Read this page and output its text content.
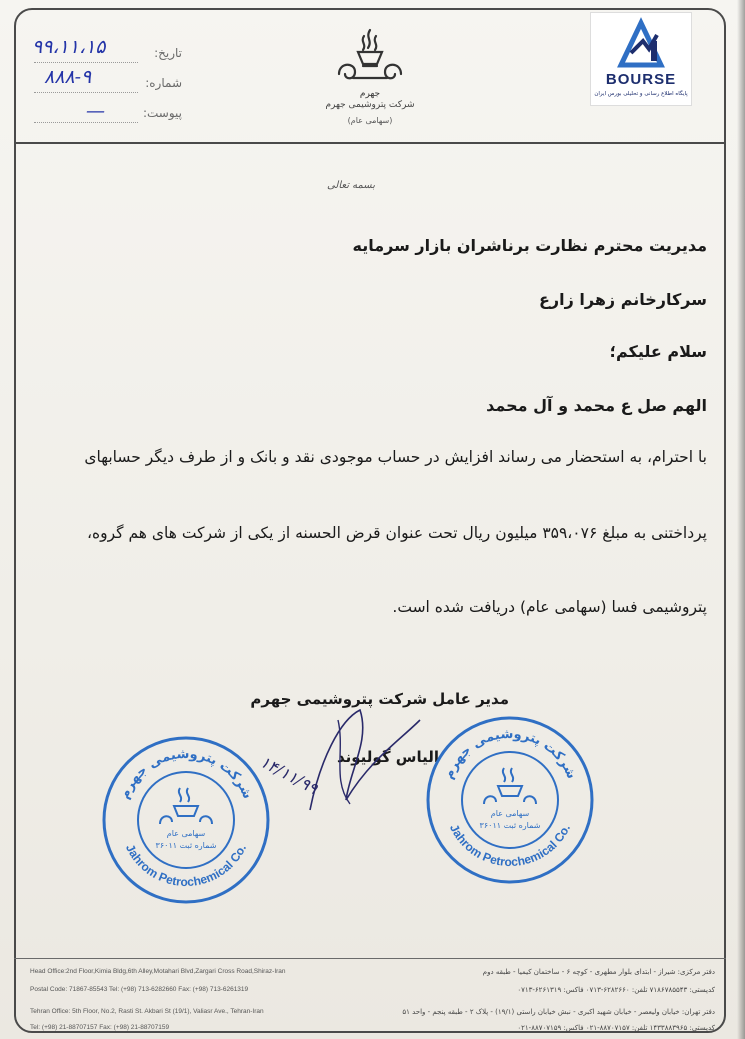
تاریخ:
شماره:
پیوست:
۹۹،۱۱،۱۵
۸۸۸-۹
—
جهرم
شرکت پتروشیمی جهرم
(سهامی عام)
BOURSE
پایگاه اطلاع رسانی و تحلیلی بورس ایران
بسمه تعالی
مدیریت محترم نظارت برناشران بازار سرمایه
سرکارخانم زهرا زارع
سلام علیکم؛
الهم صل ع محمد و آل محمد
با احترام، به استحضار می رساند افزایش در حساب موجودی نقد و بانک و از طرف دیگر حسابهای
پرداختنی به مبلغ ۳۵۹،۰۷۶ میلیون ریال تحت عنوان قرض الحسنه از یکی از شرکت های هم گروه،
پتروشیمی فسا (سهامی عام) دریافت شده است.
مدیر عامل شرکت پتروشیمی جهرم
الیاس گولیوند
۱۴/۱۱/۹۹
شرکت پتروشیمی جهرم
Jahrom Petrochemical Co.
سهامی عام
شماره ثبت ۳۶۰۱۱
شرکت پتروشیمی جهرم
Jahrom Petrochemical Co.
سهامی عام
شماره ثبت ۳۶۰۱۱
Head Office:2nd Floor,Kimia Bldg,6th Alley,Motahari Blvd,Zargari Cross Road,Shiraz-Iran
Postal Code: 71867-85543 Tel: (+98) 713-6282660 Fax: (+98) 713-6261319
Tehran Office: 5th Floor, No.2, Rasti St. Akbari St (19/1), Valiasr Ave., Tehran-Iran
Tel: (+98) 21-88707157 Fax: (+98) 21-88707159
دفتر مرکزی: شیراز - ابتدای بلوار مطهری - کوچه ۶ - ساختمان کیمیا - طبقه دوم
کدپستی: ۷۱۸۶۷۸۵۵۴۳ تلفن: ۶۲۸۲۶۶۰-۰۷۱۳ فاکس: ۶۲۶۱۳۱۹-۰۷۱۳
دفتر تهران: خیابان ولیعصر - خیابان شهید اکبری - نبش خیابان راستی (۱۹/۱) - پلاک ۲ - طبقه پنجم - واحد ۵۱
کدپستی: ۱۴۳۳۸۸۳۹۶۵ تلفن: ۸۸۷۰۷۱۵۷-۰۲۱ فاکس: ۸۸۷۰۷۱۵۹-۰۲۱
